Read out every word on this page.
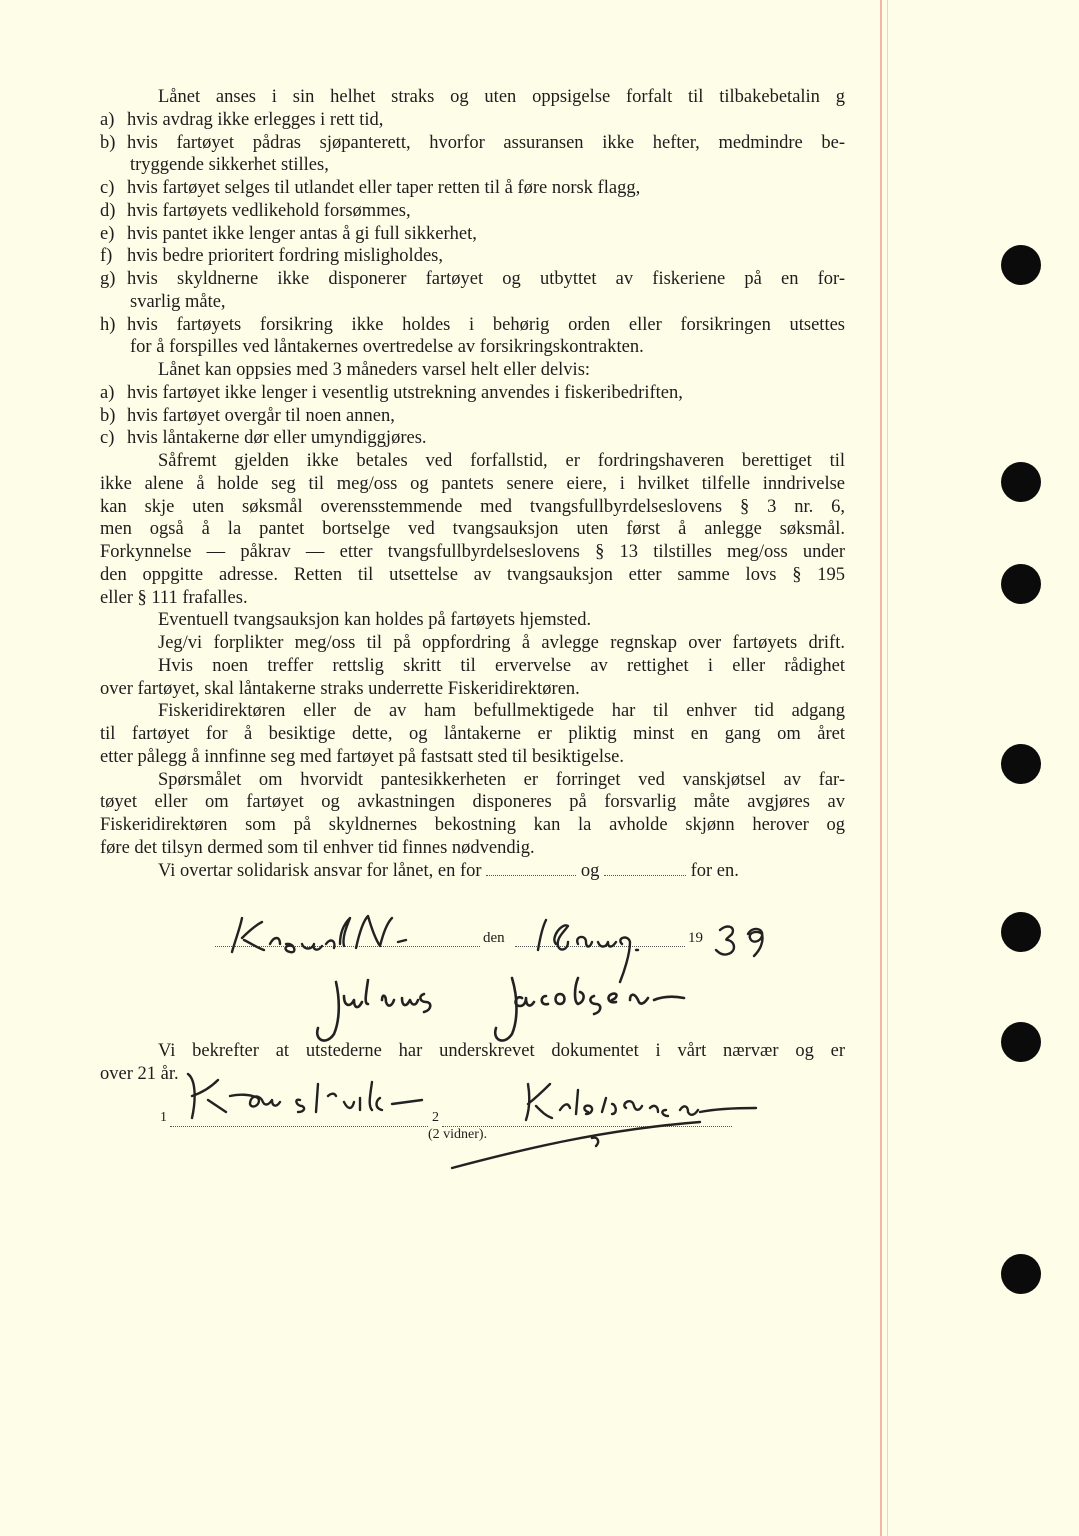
Lånet anses i sin helhet straks og uten oppsigelse forfalt til tilbakebetalin g
a) hvis avdrag ikke erlegges i rett tid,
b) hvis fartøyet pådras sjøpanterett, hvorfor assuransen ikke hefter, medmindre be-
tryggende sikkerhet stilles,
c) hvis fartøyet selges til utlandet eller taper retten til å føre norsk flagg,
d) hvis fartøyets vedlikehold forsømmes,
e) hvis pantet ikke lenger antas å gi full sikkerhet,
f) hvis bedre prioritert fordring misligholdes,
g) hvis skyldnerne ikke disponerer fartøyet og utbyttet av fiskeriene på en for-
svarlig måte,
h) hvis fartøyets forsikring ikke holdes i behørig orden eller forsikringen utsettes
for å forspilles ved låntakernes overtredelse av forsikringskontrakten.
Lånet kan oppsies med 3 måneders varsel helt eller delvis:
a) hvis fartøyet ikke lenger i vesentlig utstrekning anvendes i fiskeribedriften,
b) hvis fartøyet overgår til noen annen,
c) hvis låntakerne dør eller umyndiggjøres.
Såfremt gjelden ikke betales ved forfallstid, er fordringshaveren berettiget til
ikke alene å holde seg til meg/oss og pantets senere eiere, i hvilket tilfelle inndrivelse
kan skje uten søksmål overensstemmende med tvangsfullbyrdelseslovens § 3 nr. 6,
men også å la pantet bortselge ved tvangsauksjon uten først å anlegge søksmål.
Forkynnelse — påkrav — etter tvangsfullbyrdelseslovens § 13 tilstilles meg/oss under
den oppgitte adresse. Retten til utsettelse av tvangsauksjon etter samme lovs § 195
eller § 111 frafalles.
Eventuell tvangsauksjon kan holdes på fartøyets hjemsted.
Jeg/vi forplikter meg/oss til på oppfordring å avlegge regnskap over fartøyets drift.
Hvis noen treffer rettslig skritt til ervervelse av rettighet i eller rådighet
over fartøyet, skal låntakerne straks underrette Fiskeridirektøren.
Fiskeridirektøren eller de av ham befullmektigede har til enhver tid adgang
til fartøyet for å besiktige dette, og låntakerne er pliktig minst en gang om året
etter pålegg å innfinne seg med fartøyet på fastsatt sted til besiktigelse.
Spørsmålet om hvorvidt pantesikkerheten er forringet ved vanskjøtsel av far-
tøyet eller om fartøyet og avkastningen disponeres på forsvarlig måte avgjøres av
Fiskeridirektøren som på skyldnernes bekostning kan la avholde skjønn herover og
føre det tilsyn dermed som til enhver tid finnes nødvendig.
Vi overtar solidarisk ansvar for lånet, en for	og	for en.
den	19
Vi bekrefter at utstederne har underskrevet dokumentet i vårt nærvær og er
over 21 år.
1	2
(2 vidner).
